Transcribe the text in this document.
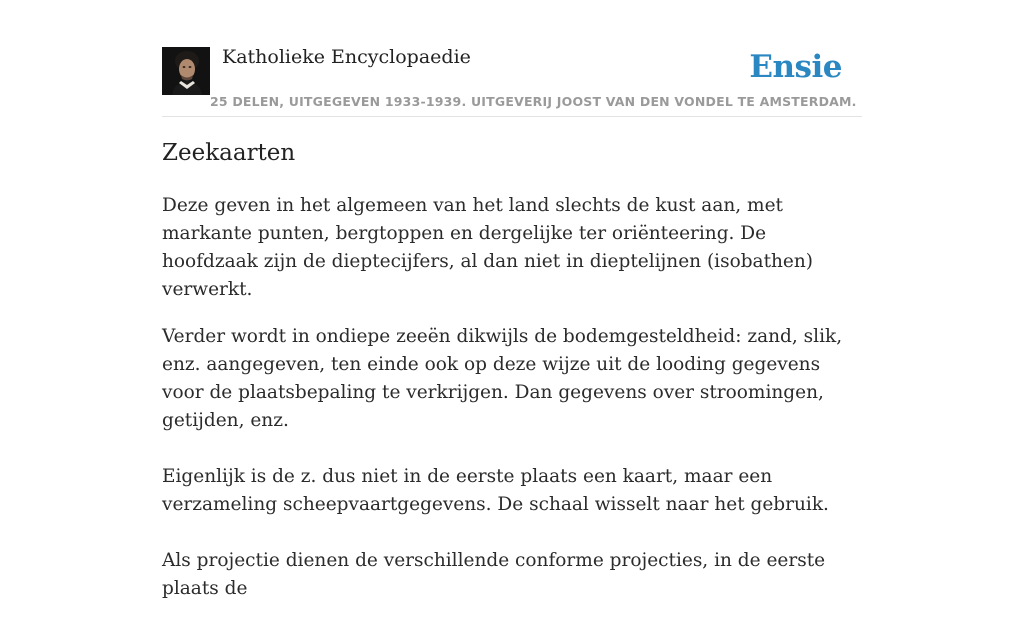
Katholieke Encyclopaedie
25 DELEN, UITGEGEVEN 1933-1939. UITGEVERIJ JOOST VAN DEN VONDEL TE AMSTERDAM.
Ensie
Zeekaarten

Deze geven in het algemeen van het land slechts de kust aan, met markante punten, bergtoppen en dergelijke ter oriënteering. De hoofdzaak zijn de dieptecijfers, al dan niet in dieptelijnen (isobathen) verwerkt.

Verder wordt in ondiepe zeeën dikwijls de bodemgesteldheid: zand, slik, enz. aangegeven, ten einde ook op deze wijze uit de looding gegevens voor de plaatsbepaling te verkrijgen. Dan gegevens over stroomingen, getijden, enz.

Eigenlijk is de z. dus niet in de eerste plaats een kaart, maar een verzameling scheepvaartgegevens. De schaal wisselt naar het gebruik.

Als projectie dienen de verschillende conforme projecties, in de eerste plaats de
